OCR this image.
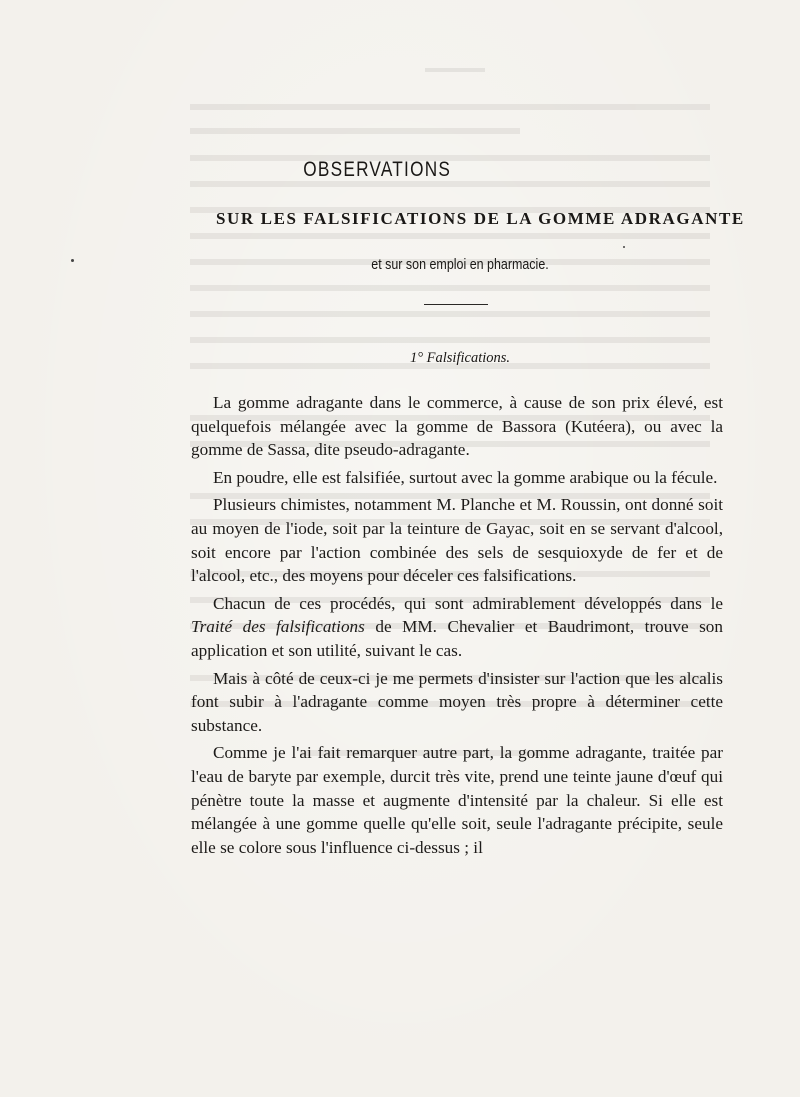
OBSERVATIONS
SUR LES FALSIFICATIONS DE LA GOMME ADRAGANTE
et sur son emploi en pharmacie.
1° Falsifications.

La gomme adragante dans le commerce, à cause de son prix élevé, est quelquefois mélangée avec la gomme de Bassora (Kutéera), ou avec la gomme de Sassa, dite pseudo-adragante.

En poudre, elle est falsifiée, surtout avec la gomme arabique ou la fécule.

Plusieurs chimistes, notamment M. Planche et M. Roussin, ont donné soit au moyen de l'iode, soit par la teinture de Gayac, soit en se servant d'alcool, soit encore par l'action combinée des sels de sesquioxyde de fer et de l'alcool, etc., des moyens pour déceler ces falsifications.

Chacun de ces procédés, qui sont admirablement développés dans le Traité des falsifications de MM. Chevalier et Baudrimont, trouve son application et son utilité, suivant le cas.

Mais à côté de ceux-ci je me permets d'insister sur l'action que les alcalis font subir à l'adragante comme moyen très propre à déterminer cette substance.

Comme je l'ai fait remarquer autre part, la gomme adragante, traitée par l'eau de baryte par exemple, durcit très vite, prend une teinte jaune d'œuf qui pénètre toute la masse et augmente d'intensité par la chaleur. Si elle est mélangée à une gomme quelle qu'elle soit, seule l'adragante précipite, seule elle se colore sous l'influence ci-dessus ; il
